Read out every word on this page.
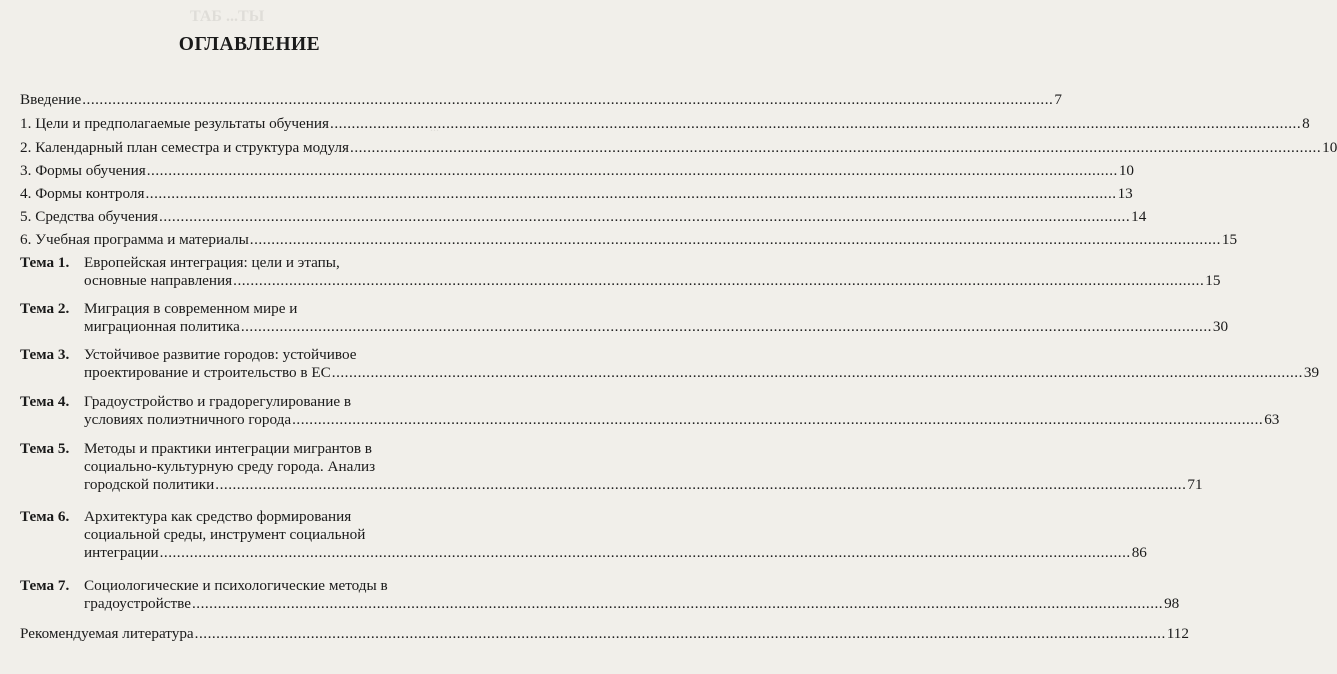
ТАБ ...ТЫ
...
ОГЛАВЛЕНИЕ
Введение .....	7
1. Цели и предполагаемые результаты обучения .....	8
2. Календарный план семестра и структура модуля .....	10
3. Формы обучения .....	10
4. Формы контроля .....	13
5. Средства обучения .....	14
6. Учебная программа и материалы .....	15
Тема 1. Европейская интеграция: цели и этапы,
основные направления .....	15
Тема 2. Миграция в современном мире и
миграционная политика .....	30
Тема 3. Устойчивое развитие городов: устойчивое
проектирование и строительство в ЕС .....	39
Тема 4. Градоустройство и градорегулирование в
условиях полиэтничного города .....	63
Тема 5. Методы и практики интеграции мигрантов в
социально-культурную среду города. Анализ
городской политики .....	71
Тема 6. Архитектура как средство формирования
социальной среды, инструмент социальной
интеграции .....	86
Тема 7. Социологические и психологические методы в
градоустройстве .....	98
Рекомендуемая литература .....	112
